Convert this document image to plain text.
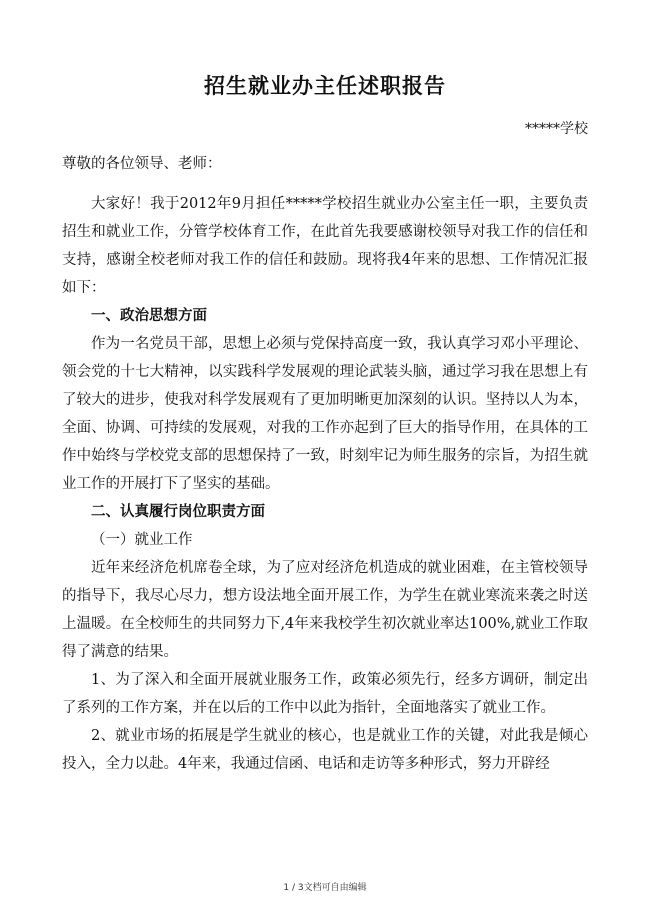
招生就业办主任述职报告
*****学校

尊敬的各位领导、老师：

大家好！我于2012年9月担任*****学校招生就业办公室主任一职，主要负责招生和就业工作，分管学校体育工作，在此首先我要感谢校领导对我工作的信任和支持，感谢全校老师对我工作的信任和鼓励。现将我4年来的思想、工作情况汇报如下：

一、政治思想方面

作为一名党员干部，思想上必须与党保持高度一致，我认真学习邓小平理论、领会党的十七大精神，以实践科学发展观的理论武装头脑，通过学习我在思想上有了较大的进步，使我对科学发展观有了更加明晰更加深刻的认识。坚持以人为本，全面、协调、可持续的发展观，对我的工作亦起到了巨大的指导作用，在具体的工作中始终与学校党支部的思想保持了一致，时刻牢记为师生服务的宗旨，为招生就业工作的开展打下了坚实的基础。

二、认真履行岗位职责方面

（一）就业工作

近年来经济危机席卷全球，为了应对经济危机造成的就业困难，在主管校领导的指导下，我尽心尽力，想方设法地全面开展工作，为学生在就业寒流来袭之时送上温暖。在全校师生的共同努力下,4年来我校学生初次就业率达100%,就业工作取得了满意的结果。

1、为了深入和全面开展就业服务工作，政策必须先行，经多方调研，制定出了系列的工作方案，并在以后的工作中以此为指针，全面地落实了就业工作。

2、就业市场的拓展是学生就业的核心，也是就业工作的关键，对此我是倾心投入，全力以赴。4年来，我通过信函、电话和走访等多种形式，努力开辟经

1 / 3文档可自由编辑
